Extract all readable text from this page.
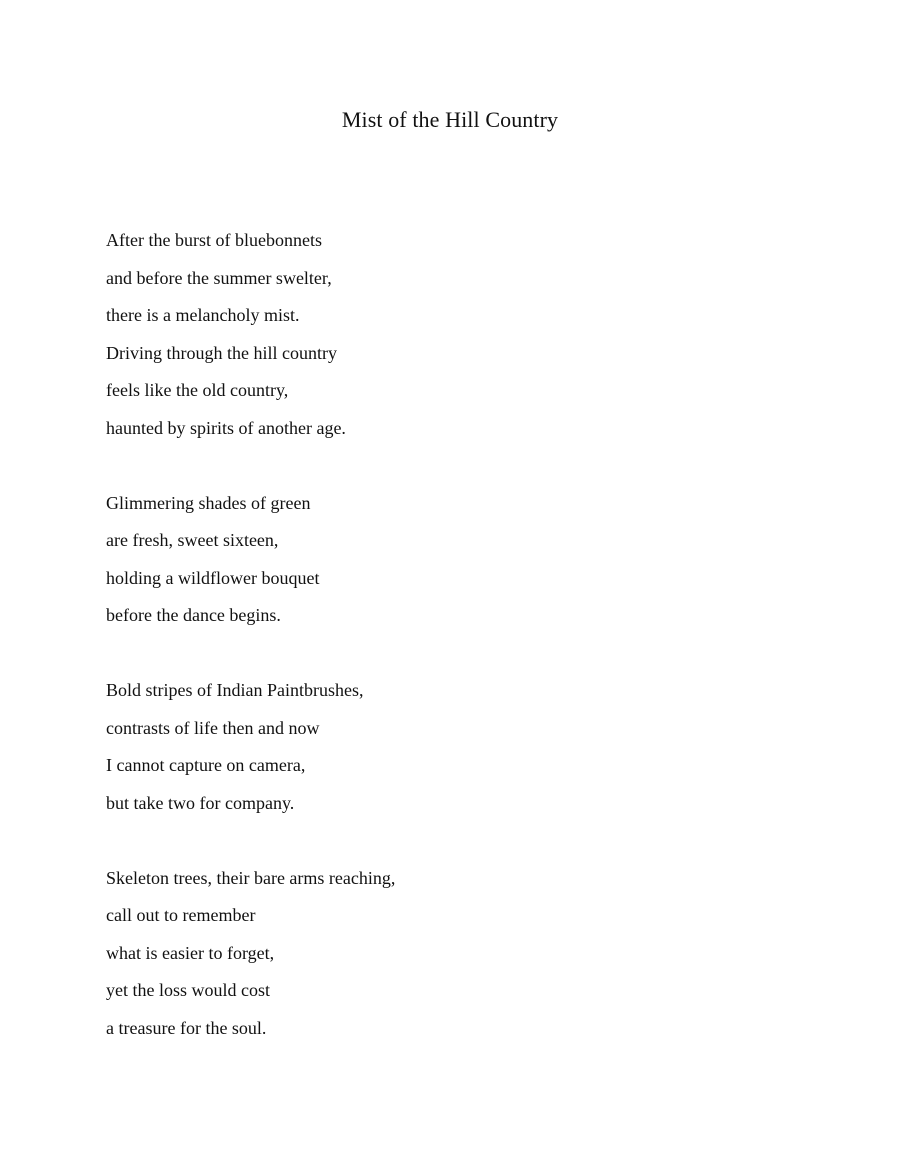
Mist of the Hill Country
After the burst of bluebonnets
and before the summer swelter,
there is a melancholy mist.
Driving through the hill country
feels like the old country,
haunted by spirits of another age.
Glimmering shades of green
are fresh, sweet sixteen,
holding a wildflower bouquet
before the dance begins.
Bold stripes of Indian Paintbrushes,
contrasts of life then and now
I cannot capture on camera,
but take two for company.
Skeleton trees, their bare arms reaching,
call out to remember
what is easier to forget,
yet the loss would cost
a treasure for the soul.
